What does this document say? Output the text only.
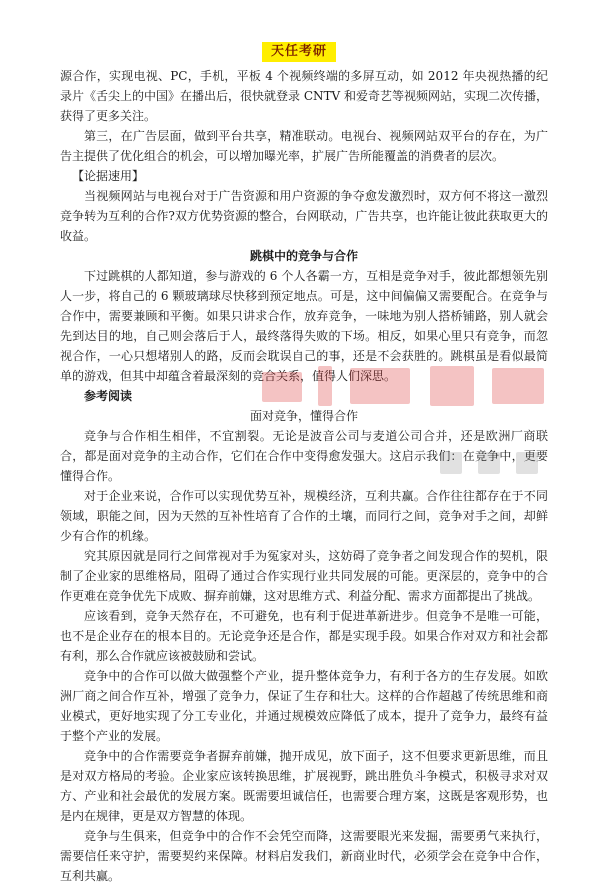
天任考研

源合作，实现电视、PC，手机，平板 4 个视频终端的多屏互动，如 2012 年央视热播的纪录片《舌尖上的中国》在播出后，很快就登录 CNTV 和爱奇艺等视频网站，实现二次传播，获得了更多关注。

第三，在广告层面，做到平台共享，精准联动。电视台、视频网站双平台的存在，为广告主提供了优化组合的机会，可以增加曝光率，扩展广告所能覆盖的消费者的层次。

【论据速用】

当视频网站与电视台对于广告资源和用户资源的争夺愈发激烈时，双方何不将这一激烈竞争转为互利的合作?双方优势资源的整合，台网联动，广告共享，也许能让彼此获取更大的收益。

跳棋中的竞争与合作

下过跳棋的人都知道，参与游戏的 6 个人各霸一方，互相是竞争对手，彼此都想领先别人一步，将自己的 6 颗玻璃球尽快移到预定地点。可是，这中间偏偏又需要配合。在竞争与合作中，需要兼顾和平衡。如果只讲求合作，放弃竞争，一味地为别人搭桥铺路，别人就会先到达目的地，自己则会落后于人，最终落得失败的下场。相反，如果心里只有竞争，而忽视合作，一心只想堵别人的路，反而会耽误自己的事，还是不会获胜的。跳棋虽是看似最简单的游戏，但其中却蕴含着最深刻的竞合关系，值得人们深思。

参考阅读

面对竞争，懂得合作

竞争与合作相生相伴，不宜割裂。无论是波音公司与麦道公司合并，还是欧洲厂商联合，都是面对竞争的主动合作，它们在合作中变得愈发强大。这启示我们：在竞争中，更要懂得合作。

对于企业来说，合作可以实现优势互补，规模经济，互利共赢。合作往往都存在于不同领域，职能之间，因为天然的互补性培育了合作的土壤，而同行之间，竞争对手之间，却鲜少有合作的机缘。

究其原因就是同行之间常视对手为冤家对头，这妨碍了竞争者之间发现合作的契机，限制了企业家的思维格局，阻碍了通过合作实现行业共同发展的可能。更深层的，竞争中的合作更难在竞争优先下成败、摒弃前嫌，这对思维方式、利益分配、需求方面都提出了挑战。

应该看到，竞争天然存在，不可避免，也有利于促进革新进步。但竞争不是唯一可能，也不是企业存在的根本目的。无论竞争还是合作，都是实现手段。如果合作对双方和社会都有利，那么合作就应该被鼓励和尝试。

竞争中的合作可以做大做强整个产业，提升整体竞争力，有利于各方的生存发展。如欧洲厂商之间合作互补，增强了竞争力，保证了生存和壮大。这样的合作超越了传统思维和商业模式，更好地实现了分工专业化，并通过规模效应降低了成本，提升了竞争力，最终有益于整个产业的发展。

竞争中的合作需要竞争者摒弃前嫌，抛开成见，放下面子，这不但要求更新思维，而且是对双方格局的考验。企业家应该转换思维，扩展视野，跳出胜负斗争模式，积极寻求对双方、产业和社会最优的发展方案。既需要坦诚信任，也需要合理方案，这既是客观形势，也是内在规律，更是双方智慧的体现。

竞争与生俱来，但竞争中的合作不会凭空而降，这需要眼光来发掘，需要勇气来执行，需要信任来守护，需要契约来保障。材料启发我们，新商业时代，必须学会在竞争中合作，互利共赢。
